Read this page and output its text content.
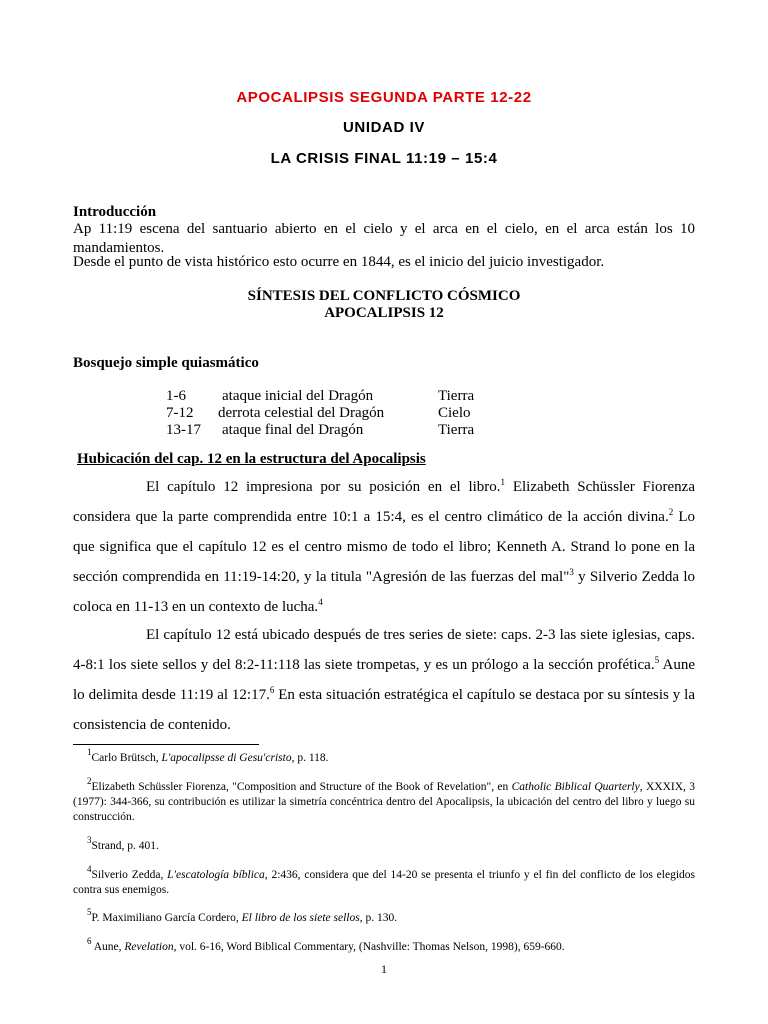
APOCALIPSIS SEGUNDA PARTE 12-22
UNIDAD IV
LA CRISIS FINAL 11:19 – 15:4
Introducción
Ap 11:19 escena del santuario abierto en el cielo y el arca en el cielo, en el arca están los 10 mandamientos.
Desde el punto de vista histórico esto ocurre en 1844, es el inicio del juicio investigador.
SÍNTESIS DEL CONFLICTO CÓSMICO
APOCALIPSIS 12
Bosquejo simple quiasmático
1-6 ataque inicial del Dragón	Tierra
7-12 derrota celestial del Dragón	Cielo
13-17 ataque final del Dragón	Tierra
Hubicación del cap. 12 en la estructura del Apocalipsis
El capítulo 12 impresiona por su posición en el libro.$^1$ Elizabeth Schüssler Fiorenza considera que la parte comprendida entre 10:1 a 15:4, es el centro climático de la acción divina.$^2$ Lo que significa que el capítulo 12 es el centro mismo de todo el libro; Kenneth A. Strand lo pone en la sección comprendida en 11:19-14:20, y la titula "Agresión de las fuerzas del mal"$^3$ y Silverio Zedda lo coloca en 11-13 en un contexto de lucha.$^4$
El capítulo 12 está ubicado después de tres series de siete: caps. 2-3 las siete iglesias, caps. 4-8:1 los siete sellos y del 8:2-11:118 las siete trompetas, y es un prólogo a la sección profética.$^5$ Aune lo delimita desde 11:19 al 12:17.$^6$ En esta situación estratégica el capítulo se destaca por su síntesis y la consistencia de contenido.
$^1$Carlo Brütsch, L'apocalipsse di Gesu'cristo, p. 118.
$^2$Elizabeth Schüssler Fiorenza, "Composition and Structure of the Book of Revelation", en Catholic Biblical Quarterly, XXXIX, 3 (1977): 344-366, su contribución es utilizar la simetría concéntrica dentro del Apocalipsis, la ubicación del centro del libro y luego su construcción.
$^3$Strand, p. 401.
$^4$Silverio Zedda, L'escatología bíblica, 2:436, considera que del 14-20 se presenta el triunfo y el fin del conflicto de los elegidos contra sus enemigos.
$^5$P. Maximiliano García Cordero, El libro de los siete sellos, p. 130.
$^6$ Aune, Revelation, vol. 6-16, Word Biblical Commentary, (Nashville: Thomas Nelson, 1998), 659-660.
1
